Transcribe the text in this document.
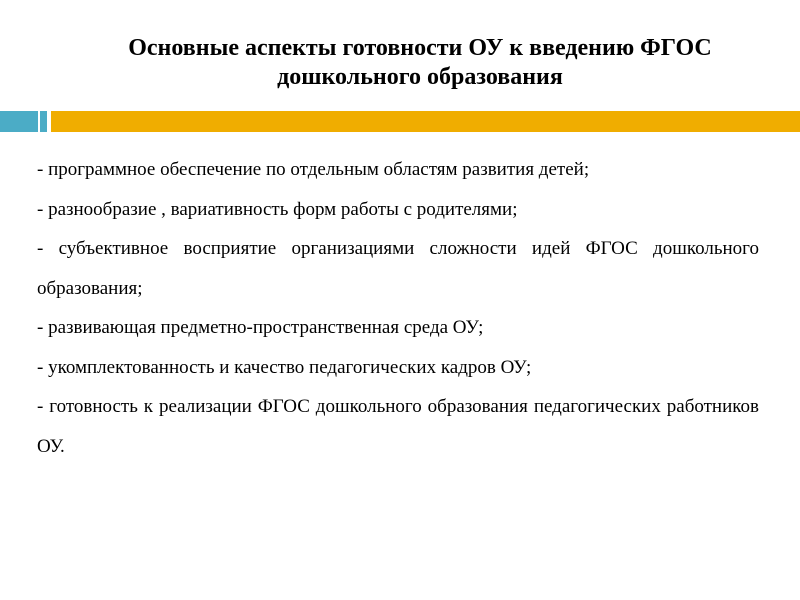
Основные аспекты готовности ОУ к введению ФГОС
дошкольного образования
- программное обеспечение по отдельным областям развития детей;
- разнообразие , вариативность форм работы с родителями;
- субъективное восприятие организациями сложности идей ФГОС дошкольного образования;
- развивающая предметно-пространственная среда ОУ;
- укомплектованность и качество педагогических кадров ОУ;
- готовность к реализации ФГОС дошкольного образования педагогических работников ОУ.
